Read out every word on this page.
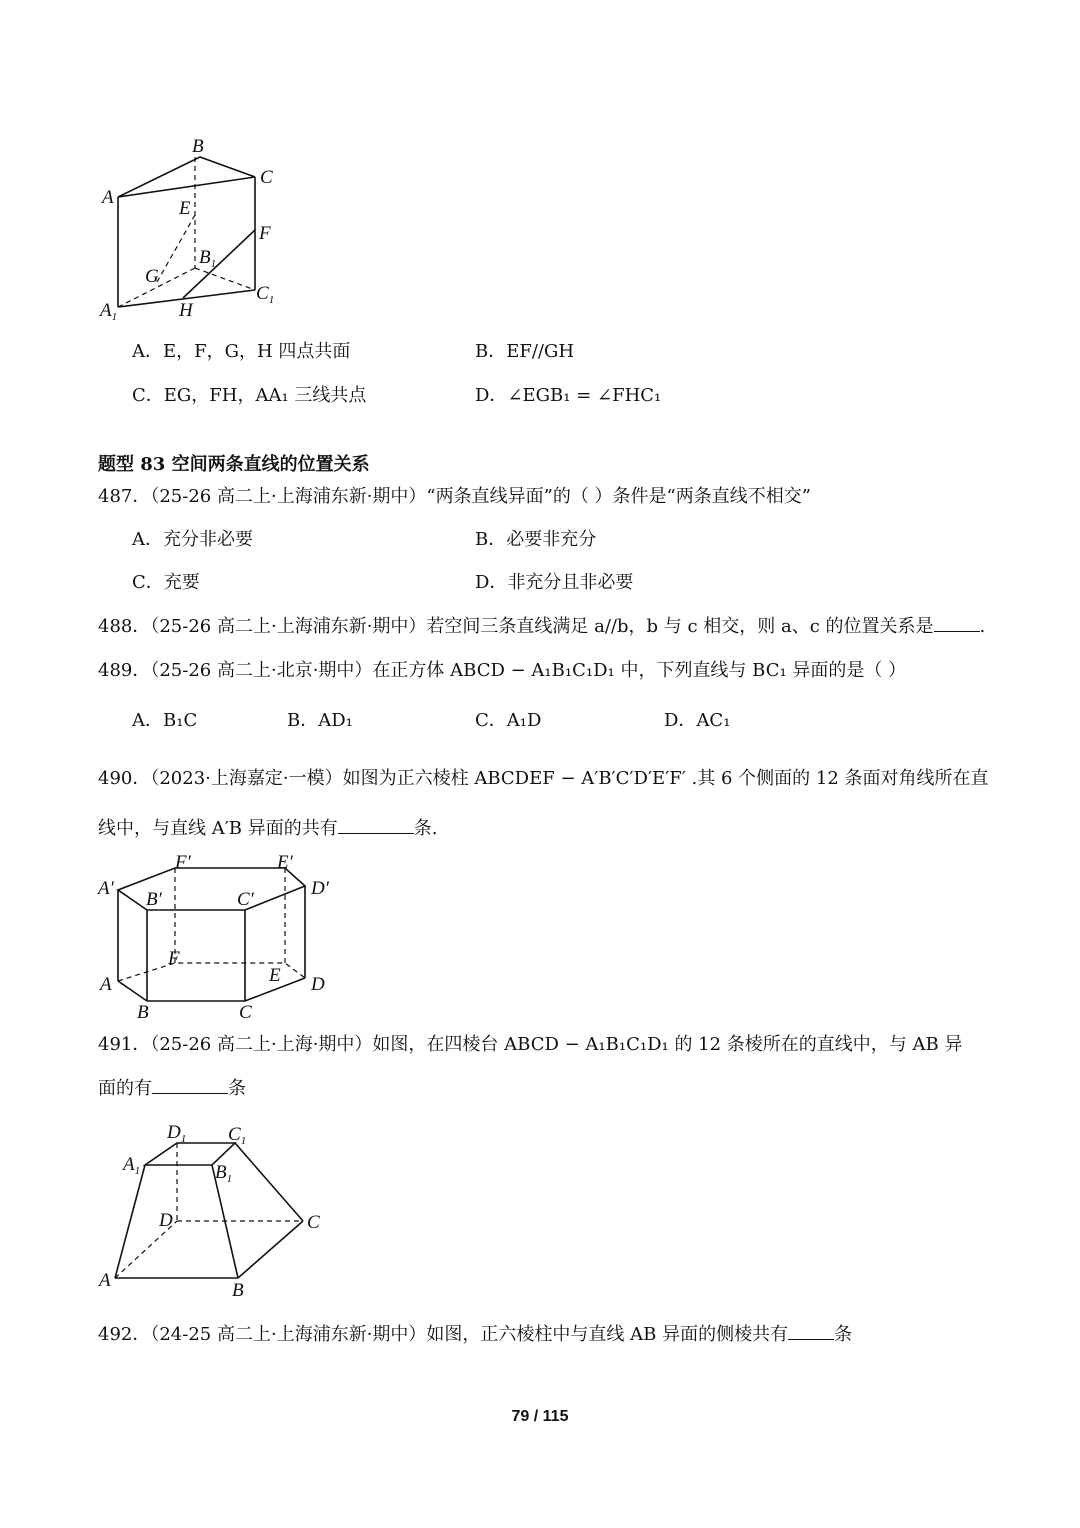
B
A
C
E
F
G
$B_1$
$C_1$
$A_1$	H
A．E，F，G，H 四点共面	B．EF//GH
C．EG，FH，AA₁ 三线共点	D．∠EGB₁ = ∠FHC₁
题型 83 空间两条直线的位置关系
487．（25-26 高二上·上海浦东新·期中）“两条直线异面”的（ ）条件是“两条直线不相交”
A．充分非必要	B．必要非充分
C．充要	D．非充分且非必要
488．（25-26 高二上·上海浦东新·期中）若空间三条直线满足 a//b，b 与 c 相交，则 a、c 的位置关系是	.
489．（25-26 高二上·北京·期中）在正方体 ABCD − A₁B₁C₁D₁ 中，下列直线与 BC₁ 异面的是（ ）
A．B₁C	B．AD₁	C．A₁D	D．AC₁
490．（2023·上海嘉定·一模）如图为正六棱柱 ABCDEF − A′B′C′D′E′F′ .其 6 个侧面的 12 条面对角线所在直
线中，与直线 A′B 异面的共有	条.
F′	E′
A′
B′	C′
D′
F
E
A
B	C
D
491．（25-26 高二上·上海·期中）如图，在四棱台 ABCD − A₁B₁C₁D₁ 的 12 条棱所在的直线中，与 AB 异
面的有	条
$D_1$ $C_1$
$A_1$	$B_1$
D	C
A	B
492．（24-25 高二上·上海浦东新·期中）如图，正六棱柱中与直线 AB 异面的侧棱共有	条
79 / 115
